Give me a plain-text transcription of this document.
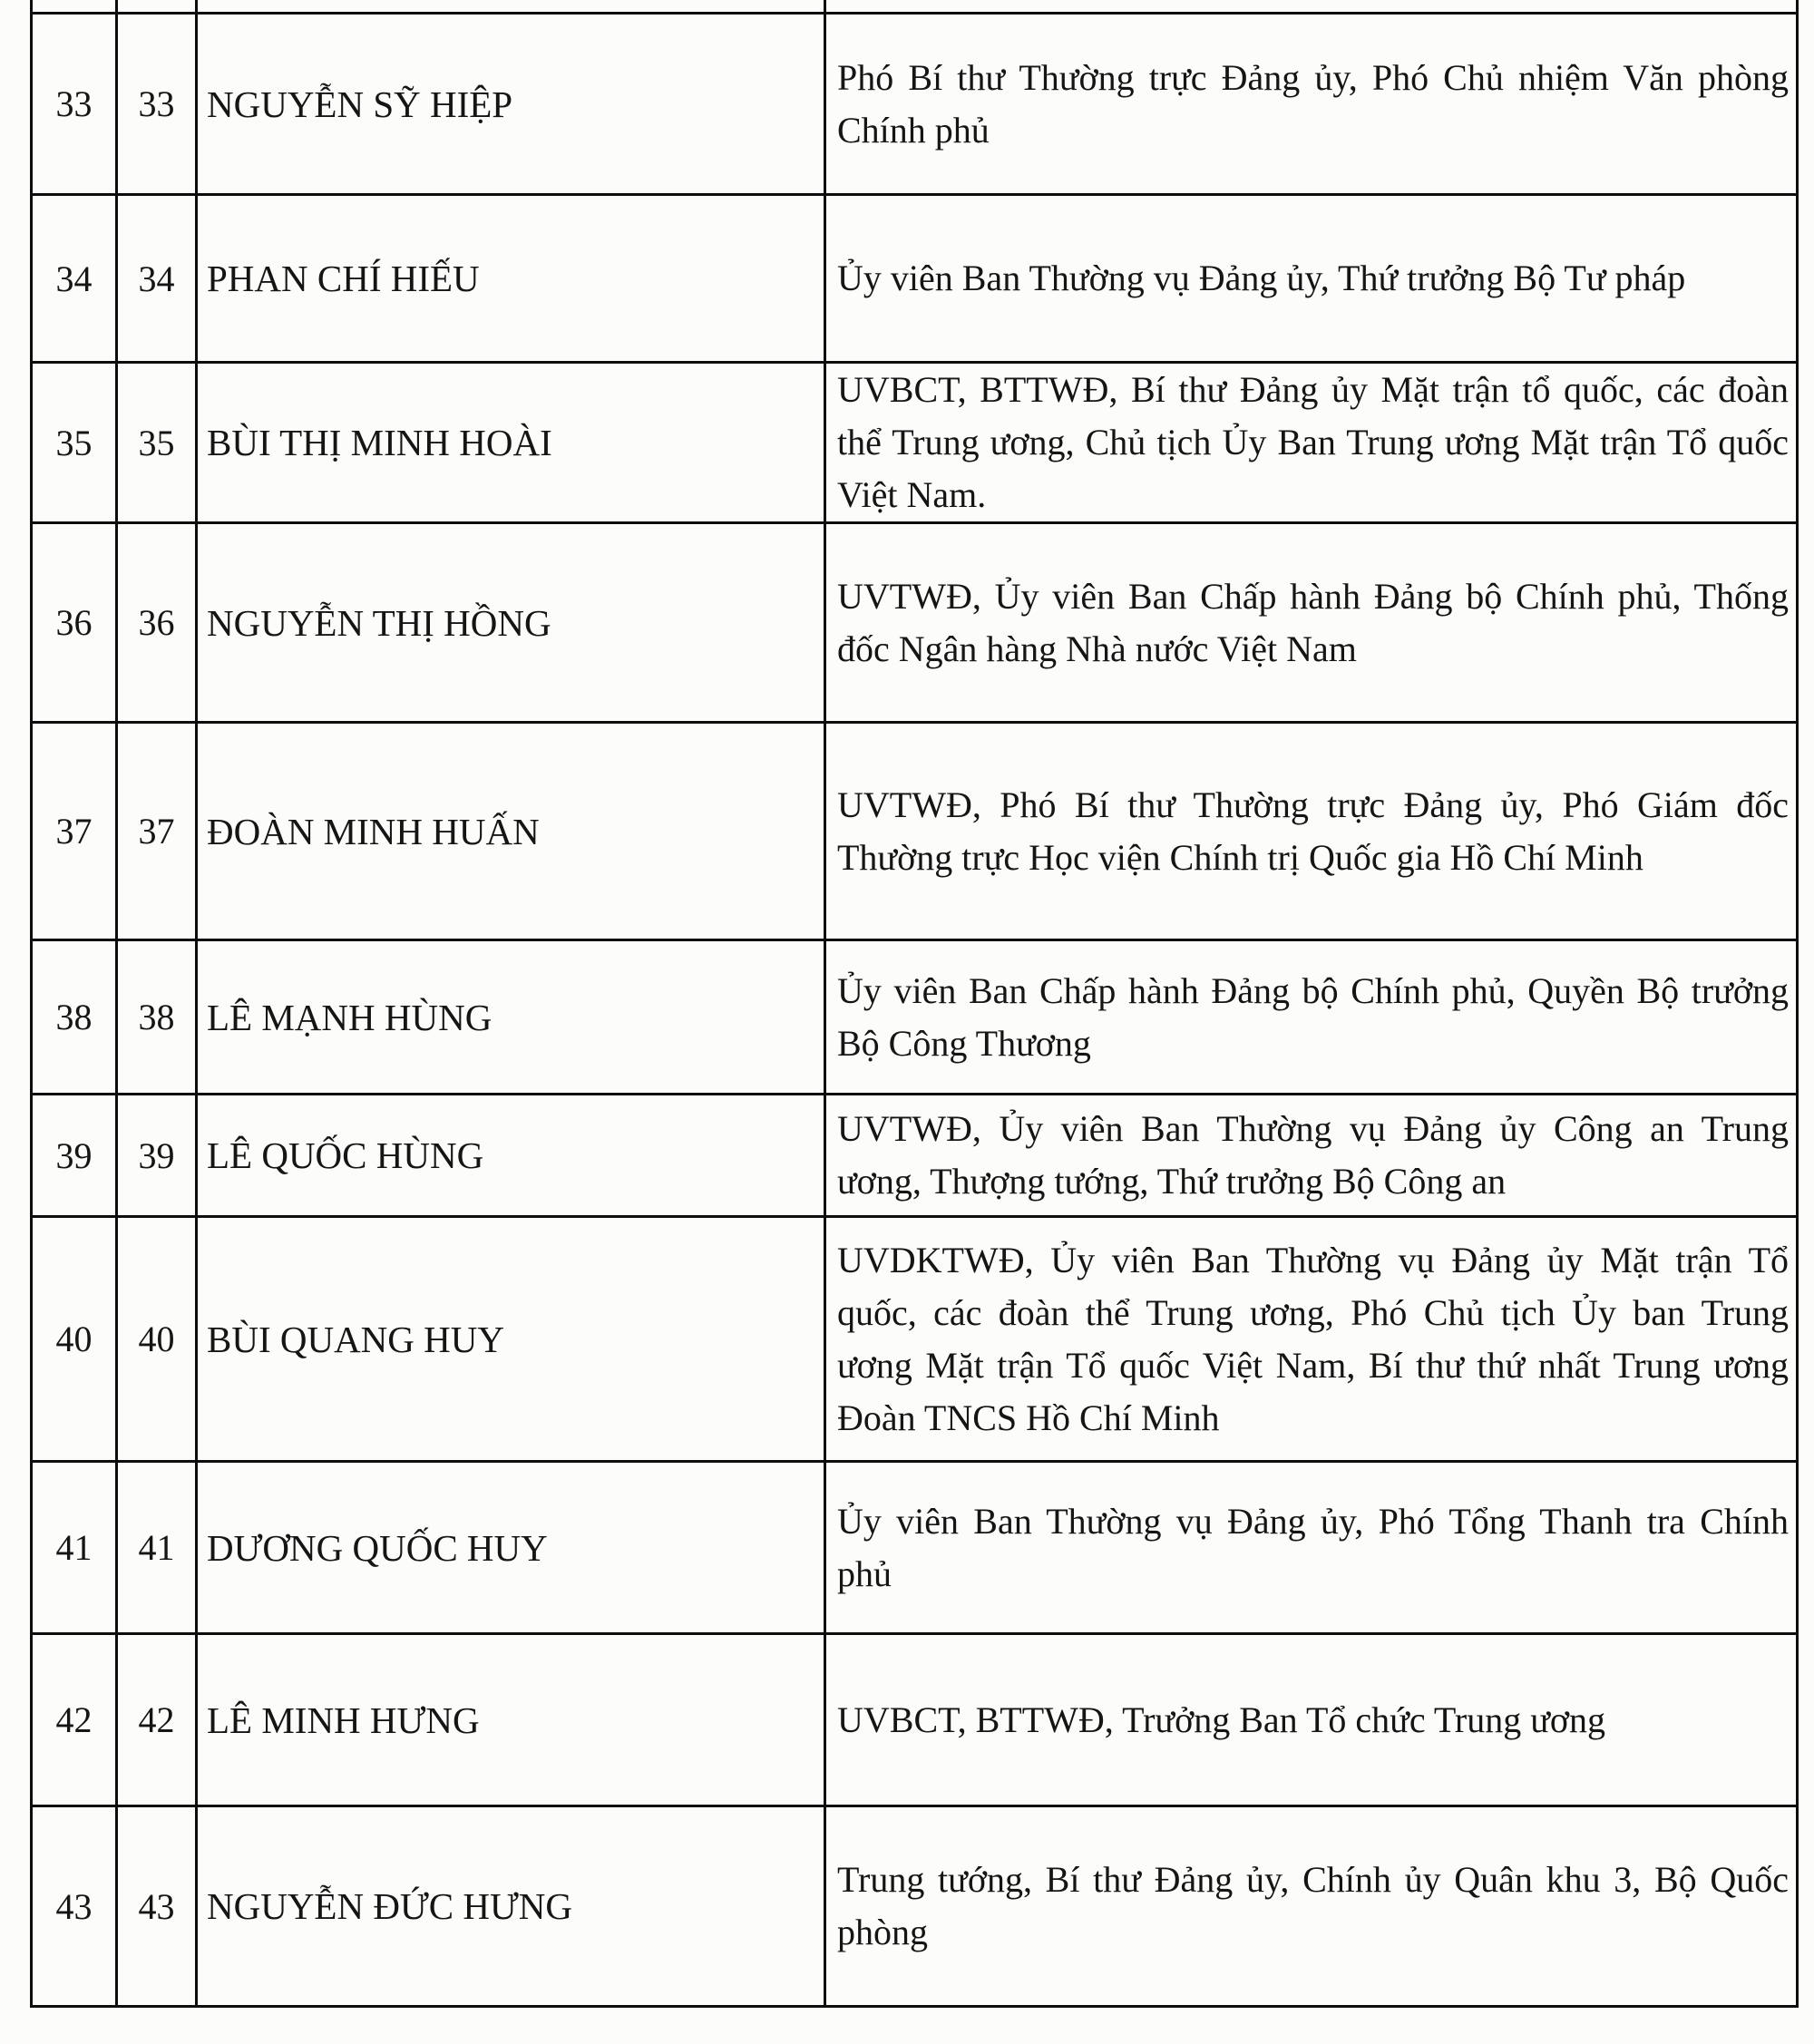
33	33	NGUYỄN SỸ HIỆP	Phó Bí thư Thường trực Đảng ủy, Phó Chủ nhiệm Văn phòng Chính phủ
34	34	PHAN CHÍ HIẾU	Ủy viên Ban Thường vụ Đảng ủy, Thứ trưởng Bộ Tư pháp
35	35	BÙI THỊ MINH HOÀI	UVBCT, BTTWĐ, Bí thư Đảng ủy Mặt trận tổ quốc, các đoàn thể Trung ương, Chủ tịch Ủy Ban Trung ương Mặt trận Tổ quốc Việt Nam.
36	36	NGUYỄN THỊ HỒNG	UVTWĐ, Ủy viên Ban Chấp hành Đảng bộ Chính phủ, Thống đốc Ngân hàng Nhà nước Việt Nam
37	37	ĐOÀN MINH HUẤN	UVTWĐ, Phó Bí thư Thường trực Đảng ủy, Phó Giám đốc Thường trực Học viện Chính trị Quốc gia Hồ Chí Minh
38	38	LÊ MẠNH HÙNG	Ủy viên Ban Chấp hành Đảng bộ Chính phủ, Quyền Bộ trưởng Bộ Công Thương
39	39	LÊ QUỐC HÙNG	UVTWĐ, Ủy viên Ban Thường vụ Đảng ủy Công an Trung ương, Thượng tướng, Thứ trưởng Bộ Công an
40	40	BÙI QUANG HUY	UVDKTWĐ, Ủy viên Ban Thường vụ Đảng ủy Mặt trận Tổ quốc, các đoàn thể Trung ương, Phó Chủ tịch Ủy ban Trung ương Mặt trận Tổ quốc Việt Nam, Bí thư thứ nhất Trung ương Đoàn TNCS Hồ Chí Minh
41	41	DƯƠNG QUỐC HUY	Ủy viên Ban Thường vụ Đảng ủy, Phó Tổng Thanh tra Chính phủ
42	42	LÊ MINH HƯNG	UVBCT, BTTWĐ, Trưởng Ban Tổ chức Trung ương
43	43	NGUYỄN ĐỨC HƯNG	Trung tướng, Bí thư Đảng ủy, Chính ủy Quân khu 3, Bộ Quốc phòng
